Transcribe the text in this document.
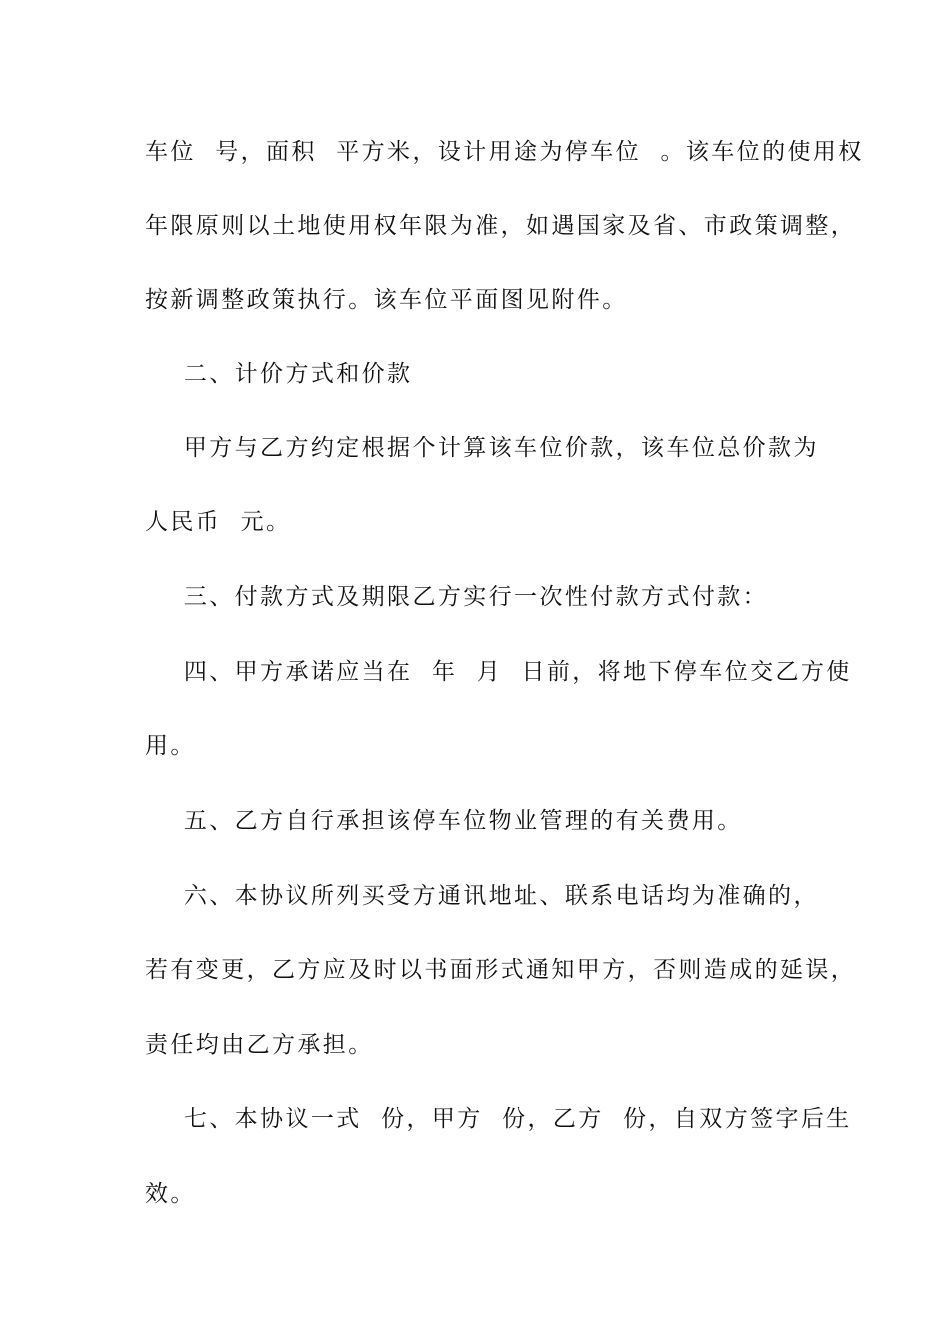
车位  号，面积  平方米，设计用途为停车位  。该车位的使用权
年限原则以土地使用权年限为准，如遇国家及省、市政策调整，
按新调整政策执行。该车位平面图见附件。
二、计价方式和价款
甲方与乙方约定根据个计算该车位价款，该车位总价款为
人民币  元。
三、付款方式及期限乙方实行一次性付款方式付款：
四、甲方承诺应当在  年  月  日前，将地下停车位交乙方使
用。
五、乙方自行承担该停车位物业管理的有关费用。
六、本协议所列买受方通讯地址、联系电话均为准确的，
若有变更，乙方应及时以书面形式通知甲方，否则造成的延误，
责任均由乙方承担。
七、本协议一式  份，甲方  份，乙方  份，自双方签字后生
效。
